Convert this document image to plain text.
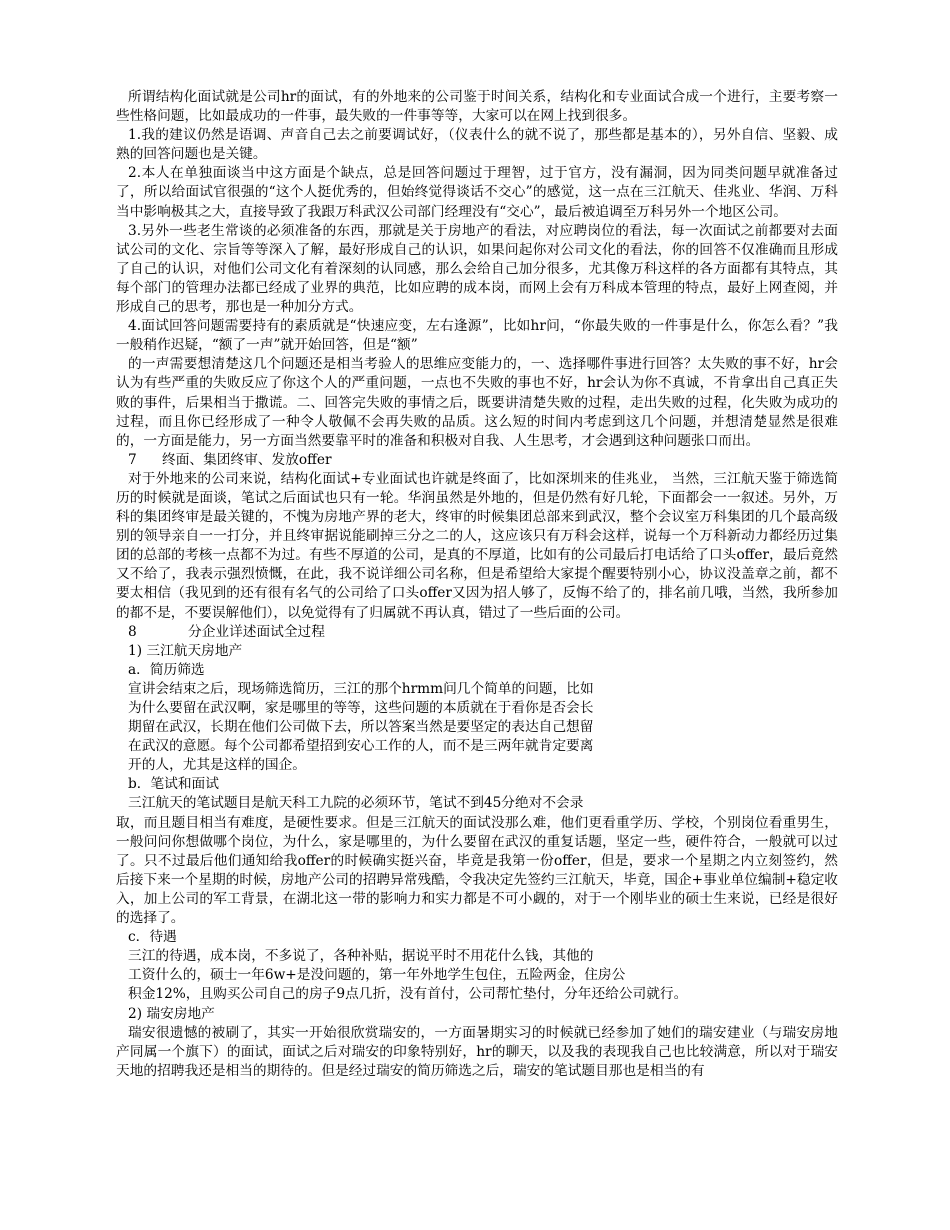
所谓结构化面试就是公司hr的面试，有的外地来的公司鉴于时间关系，结构化和专业面试合成一个进行，主要考察一些性格问题，比如最成功的一件事，最失败的一件事等等，大家可以在网上找到很多。

1.我的建议仍然是语调、声音自己去之前要调试好，（仪表什么的就不说了，那些都是基本的），另外自信、坚毅、成熟的回答问题也是关键。

2.本人在单独面谈当中这方面是个缺点，总是回答问题过于理智，过于官方，没有漏洞，因为同类问题早就准备过了，所以给面试官很强的“这个人挺优秀的，但始终觉得谈话不交心”的感觉，这一点在三江航天、佳兆业、华润、万科当中影响极其之大，直接导致了我跟万科武汉公司部门经理没有“交心”，最后被追调至万科另外一个地区公司。

3.另外一些老生常谈的必须准备的东西，那就是关于房地产的看法，对应聘岗位的看法，每一次面试之前都要对去面试公司的文化、宗旨等等深入了解，最好形成自己的认识，如果问起你对公司文化的看法，你的回答不仅准确而且形成了自己的认识，对他们公司文化有着深刻的认同感，那么会给自己加分很多，尤其像万科这样的各方面都有其特点，其每个部门的管理办法都已经成了业界的典范，比如应聘的成本岗，而网上会有万科成本管理的特点，最好上网查阅，并形成自己的思考，那也是一种加分方式。

4.面试回答问题需要持有的素质就是“快速应变，左右逢源”，比如hr问，“你最失败的一件事是什么，你怎么看？”我一般稍作迟疑，“额了一声”就开始回答，但是“额”

的一声需要想清楚这几个问题还是相当考验人的思维应变能力的，一、选择哪件事进行回答？太失败的事不好，hr会认为有些严重的失败反应了你这个人的严重问题，一点也不失败的事也不好，hr会认为你不真诚，不肯拿出自己真正失败的事件，后果相当于撒谎。二、回答完失败的事情之后，既要讲清楚失败的过程，走出失败的过程，化失败为成功的过程，而且你已经形成了一种令人敬佩不会再失败的品质。这么短的时间内考虑到这几个问题，并想清楚显然是很难的，一方面是能力，另一方面当然要靠平时的准备和积极对自我、人生思考，才会遇到这种问题张口而出。

7 终面、集团终审、发放offer

对于外地来的公司来说，结构化面试+专业面试也许就是终面了，比如深圳来的佳兆业， 当然，三江航天鉴于筛选简历的时候就是面谈，笔试之后面试也只有一轮。华润虽然是外地的，但是仍然有好几轮，下面都会一一叙述。另外，万科的集团终审是最关键的，不愧为房地产界的老大，终审的时候集团总部来到武汉，整个会议室万科集团的几个最高级别的领导亲自一一打分，并且终审据说能刷掉三分之二的人，这应该只有万科会这样，说每一个万科新动力都经历过集团的总部的考核一点都不为过。有些不厚道的公司，是真的不厚道，比如有的公司最后打电话给了口头offer，最后竟然又不给了，我表示强烈愤慨，在此，我不说详细公司名称，但是希望给大家提个醒要特别小心，协议没盖章之前，都不要太相信（我见到的还有很有名气的公司给了口头offer又因为招人够了，反悔不给了的，排名前几哦，当然，我所参加的都不是，不要误解他们），以免觉得有了归属就不再认真，错过了一些后面的公司。

8	分企业详述面试全过程

1) 三江航天房地产

a．简历筛选

宣讲会结束之后，现场筛选简历，三江的那个hrmm问几个简单的问题，比如

为什么要留在武汉啊，家是哪里的等等，这些问题的本质就在于看你是否会长

期留在武汉，长期在他们公司做下去，所以答案当然是要坚定的表达自己想留

在武汉的意愿。每个公司都希望招到安心工作的人，而不是三两年就肯定要离

开的人，尤其是这样的国企。

b．笔试和面试

三江航天的笔试题目是航天科工九院的必须环节，笔试不到45分绝对不会录

取，而且题目相当有难度，是硬性要求。但是三江航天的面试没那么难，他们更看重学历、学校，个别岗位看重男生，一般问问你想做哪个岗位，为什么，家是哪里的，为什么要留在武汉的重复话题，坚定一些，硬件符合，一般就可以过了。只不过最后他们通知给我offer的时候确实挺兴奋，毕竟是我第一份offer，但是，要求一个星期之内立刻签约，然后接下来一个星期的时候，房地产公司的招聘异常残酷，令我决定先签约三江航天，毕竟，国企+事业单位编制+稳定收入，加上公司的军工背景，在湖北这一带的影响力和实力都是不可小觑的，对于一个刚毕业的硕士生来说，已经是很好的选择了。

c．待遇

三江的待遇，成本岗，不多说了，各种补贴，据说平时不用花什么钱，其他的

工资什么的，硕士一年6w+是没问题的，第一年外地学生包住，五险两金，住房公

积金12%，且购买公司自己的房子9点几折，没有首付，公司帮忙垫付，分年还给公司就行。

2) 瑞安房地产

瑞安很遗憾的被刷了，其实一开始很欣赏瑞安的，一方面暑期实习的时候就已经参加了她们的瑞安建业（与瑞安房地产同属一个旗下）的面试，面试之后对瑞安的印象特别好，hr的聊天，以及我的表现我自己也比较满意，所以对于瑞安天地的招聘我还是相当的期待的。但是经过瑞安的简历筛选之后，瑞安的笔试题目那也是相当的有
